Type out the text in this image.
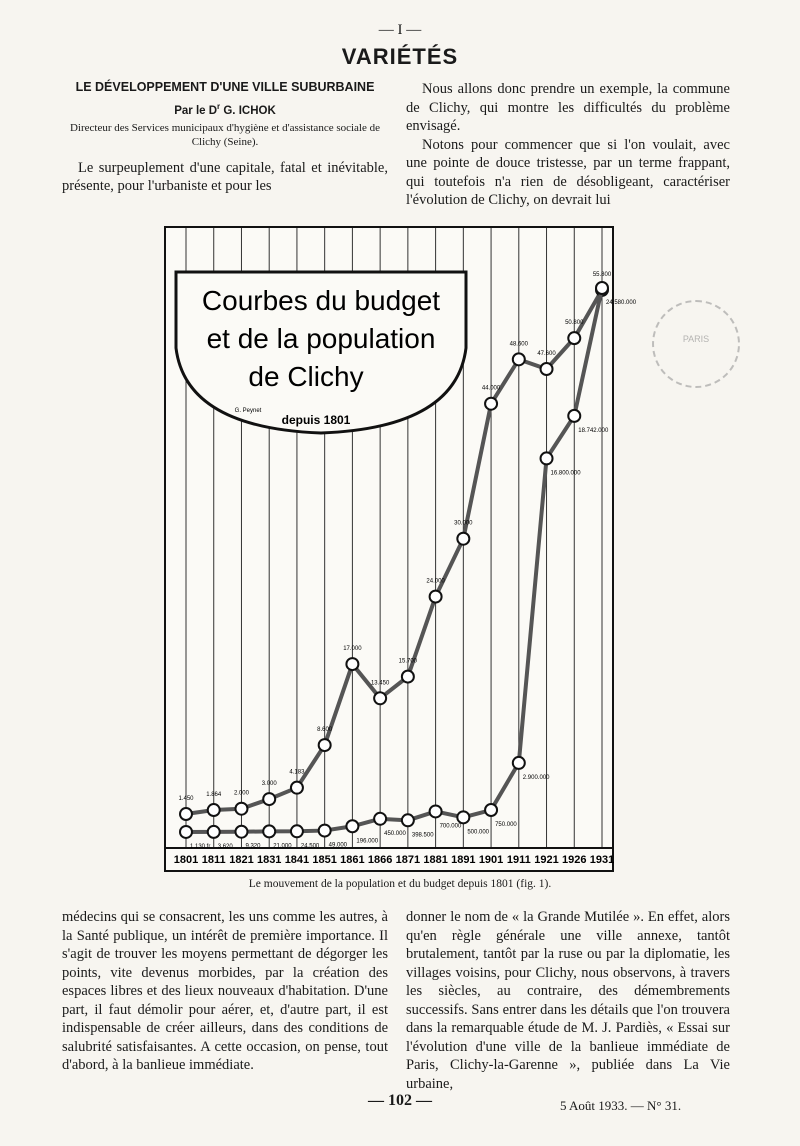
— I —
VARIÉTÉS
LE DÉVELOPPEMENT D'UNE VILLE SUBURBAINE
Par le $D^r$ G. ICHOK
Directeur des Services municipaux d'hygiène et d'assistance sociale de Clichy (Seine).

Le surpeuplement d'une capitale, fatal et inévitable, présente, pour l'urbaniste et pour les

Nous allons donc prendre un exemple, la commune de Clichy, qui montre les difficultés du problème envisagé.

Notons pour commencer que si l'on voulait, avec une pointe de douce tristesse, par un terme frappant, qui toutefois n'a rien de désobligeant, caractériser l'évolution de Clichy, on devrait lui

PARIS
Courbes du budget
et de la population
de Clichy
depuis 1801
G. Peynet
1.450
1.864 2.000
3.000
4.183
8.600
17.000
13.450
15.700
24.000
30.000
44.000
48.600
47.600
50.800
55.800
1.130 fr 3.620 9.320 21.000 24.500 49.000
196.000
450.000 398.500
700.000
500.000
750.000
2.900.000
16.800.000
18.742.000
24.580.000
1801 1811 1821 1831 1841 1851 1861 1866 1871 1881 1891 1901 1911 1921 1926 1931
Le mouvement de la population et du budget depuis 1801 (fig. 1).

médecins qui se consacrent, les uns comme les autres, à la Santé publique, un intérêt de première importance. Il s'agit de trouver les moyens permettant de dégorger les points, vite devenus morbides, par la création des espaces libres et des lieux nouveaux d'habitation. D'une part, il faut démolir pour aérer, et, d'autre part, il est indispensable de créer ailleurs, dans des conditions de salubrité satisfaisantes. A cette occasion, on pense, tout d'abord, à la banlieue immédiate.

donner le nom de « la Grande Mutilée ». En effet, alors qu'en règle générale une ville annexe, tantôt brutalement, tantôt par la ruse ou par la diplomatie, les villages voisins, pour Clichy, nous observons, à travers les siècles, au contraire, des démembrements successifs. Sans entrer dans les détails que l'on trouvera dans la remarquable étude de M. J. Pardiès, « Essai sur l'évolution d'une ville de la banlieue immédiate de Paris, Clichy-la-Garenne », publiée dans La Vie urbaine,

— 102 —	5 Août 1933. — N° 31.
